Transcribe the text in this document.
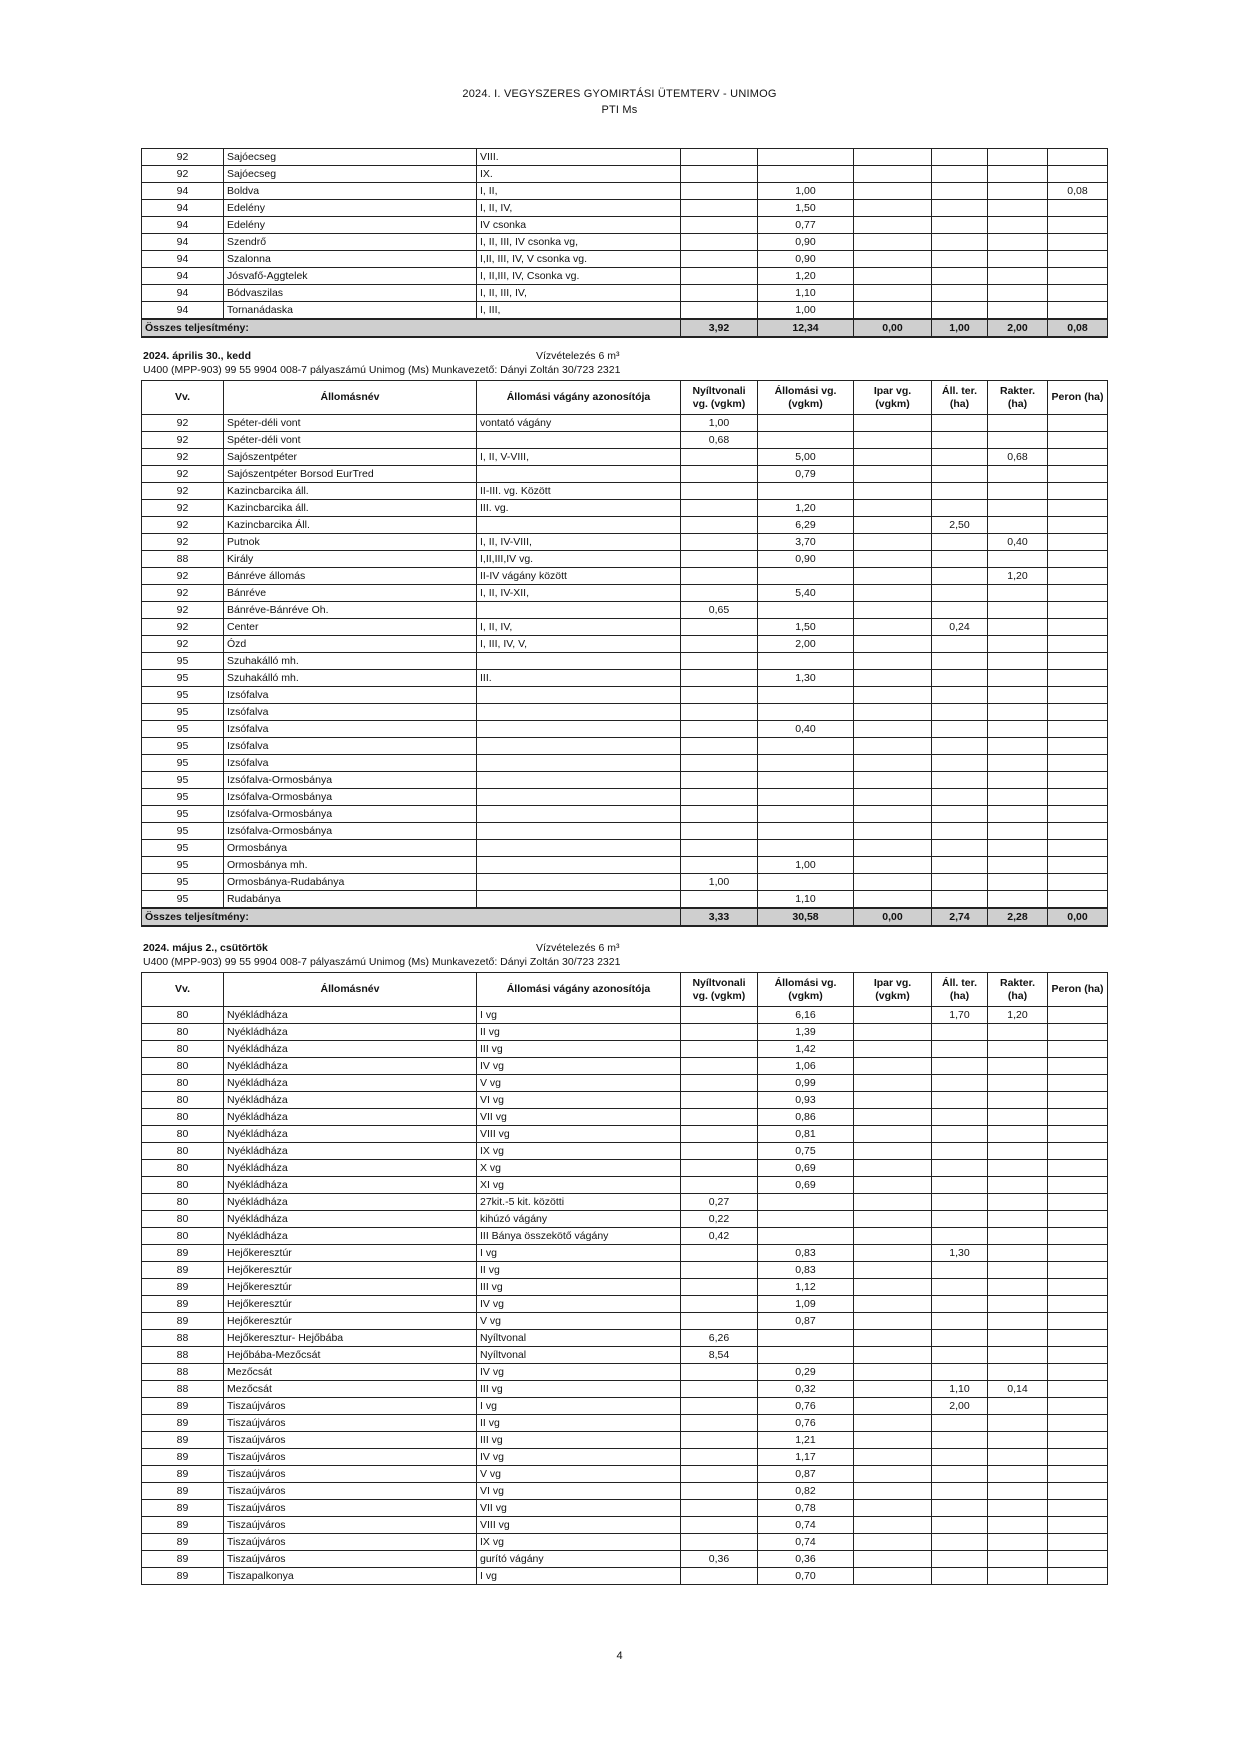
2024. I. VEGYSZERES GYOMIRTÁSI ÜTEMTERV - UNIMOG
PTI Ms
92	Sajóecseg	VIII.						
92	Sajóecseg	IX.						
94	Boldva	I, II,		1,00				0,08
94	Edelény	I, II, IV,		1,50				
94	Edelény	IV csonka		0,77				
94	Szendrő	I, II, III, IV csonka vg,		0,90				
94	Szalonna	I,II, III, IV, V csonka vg.		0,90				
94	Jósvafő-Aggtelek	I, II,III, IV, Csonka vg.		1,20				
94	Bódvaszilas	I, II, III, IV,		1,10				
94	Tornanádaska	I, III,		1,00				
Összes teljesítmény:			3,92	12,34	0,00	1,00	2,00	0,08
2024. április 30., kedd	Vízvételezés 6 m³
U400 (MPP-903) 99 55 9904 008-7 pályaszámú Unimog (Ms) Munkavezető: Dányi Zoltán 30/723 2321
Vv.	Állomásnév	Állomási vágány azonosítója	Nyíltvonali vg. (vgkm)	Állomási vg. (vgkm)	Ipar vg. (vgkm)	Áll. ter. (ha)	Rakter. (ha)	Peron (ha)
92	Spéter-déli vont	vontató vágány	1,00					
92	Spéter-déli vont		0,68					
92	Sajószentpéter	I, II, V-VIII,		5,00			0,68	
92	Sajószentpéter Borsod EurTred			0,79				
92	Kazincbarcika áll.	II-III. vg. Között						
92	Kazincbarcika áll.	III. vg.		1,20				
92	Kazincbarcika Áll.			6,29		2,50		
92	Putnok	I, II, IV-VIII,		3,70			0,40	
88	Király	I,II,III,IV vg.		0,90				
92	Bánréve állomás	II-IV vágány között					1,20	
92	Bánréve	I, II, IV-XII,		5,40				
92	Bánréve-Bánréve Oh.		0,65					
92	Center	I, II, IV,		1,50		0,24		
92	Ózd	I, III, IV, V,		2,00				
95	Szuhakálló mh.							
95	Szuhakálló mh.	III.		1,30				
95	Izsófalva							
95	Izsófalva							
95	Izsófalva			0,40				
95	Izsófalva							
95	Izsófalva							
95	Izsófalva-Ormosbánya							
95	Izsófalva-Ormosbánya							
95	Izsófalva-Ormosbánya							
95	Izsófalva-Ormosbánya							
95	Ormosbánya							
95	Ormosbánya mh.			1,00				
95	Ormosbánya-Rudabánya		1,00					
95	Rudabánya			1,10				
Összes teljesítmény:			3,33	30,58	0,00	2,74	2,28	0,00
2024. május 2., csütörtök	Vízvételezés 6 m³
U400 (MPP-903) 99 55 9904 008-7 pályaszámú Unimog (Ms) Munkavezető: Dányi Zoltán 30/723 2321
Vv.	Állomásnév	Állomási vágány azonosítója	Nyíltvonali vg. (vgkm)	Állomási vg. (vgkm)	Ipar vg. (vgkm)	Áll. ter. (ha)	Rakter. (ha)	Peron (ha)
80	Nyékládháza	I vg		6,16		1,70	1,20	
80	Nyékládháza	II vg		1,39				
80	Nyékládháza	III vg		1,42				
80	Nyékládháza	IV vg		1,06				
80	Nyékládháza	V vg		0,99				
80	Nyékládháza	VI vg		0,93				
80	Nyékládháza	VII vg		0,86				
80	Nyékládháza	VIII vg		0,81				
80	Nyékládháza	IX vg		0,75				
80	Nyékládháza	X vg		0,69				
80	Nyékládháza	XI vg		0,69				
80	Nyékládháza	27kit.-5 kit. közötti	0,27					
80	Nyékládháza	kihúzó vágány	0,22					
80	Nyékládháza	III Bánya összekötő vágány	0,42					
89	Hejőkeresztúr	I vg		0,83		1,30		
89	Hejőkeresztúr	II vg		0,83				
89	Hejőkeresztúr	III vg		1,12				
89	Hejőkeresztúr	IV vg		1,09				
89	Hejőkeresztúr	V vg		0,87				
88	Hejőkeresztur- Hejőbába	Nyíltvonal	6,26					
88	Hejőbába-Mezőcsát	Nyíltvonal	8,54					
88	Mezőcsát	IV vg		0,29				
88	Mezőcsát	III vg		0,32		1,10	0,14	
89	Tiszaújváros	I vg		0,76		2,00		
89	Tiszaújváros	II vg		0,76				
89	Tiszaújváros	III vg		1,21				
89	Tiszaújváros	IV vg		1,17				
89	Tiszaújváros	V vg		0,87				
89	Tiszaújváros	VI vg		0,82				
89	Tiszaújváros	VII vg		0,78				
89	Tiszaújváros	VIII vg		0,74				
89	Tiszaújváros	IX vg		0,74				
89	Tiszaújváros	gurító vágány	0,36	0,36				
89	Tiszapalkonya	I vg		0,70				
4
